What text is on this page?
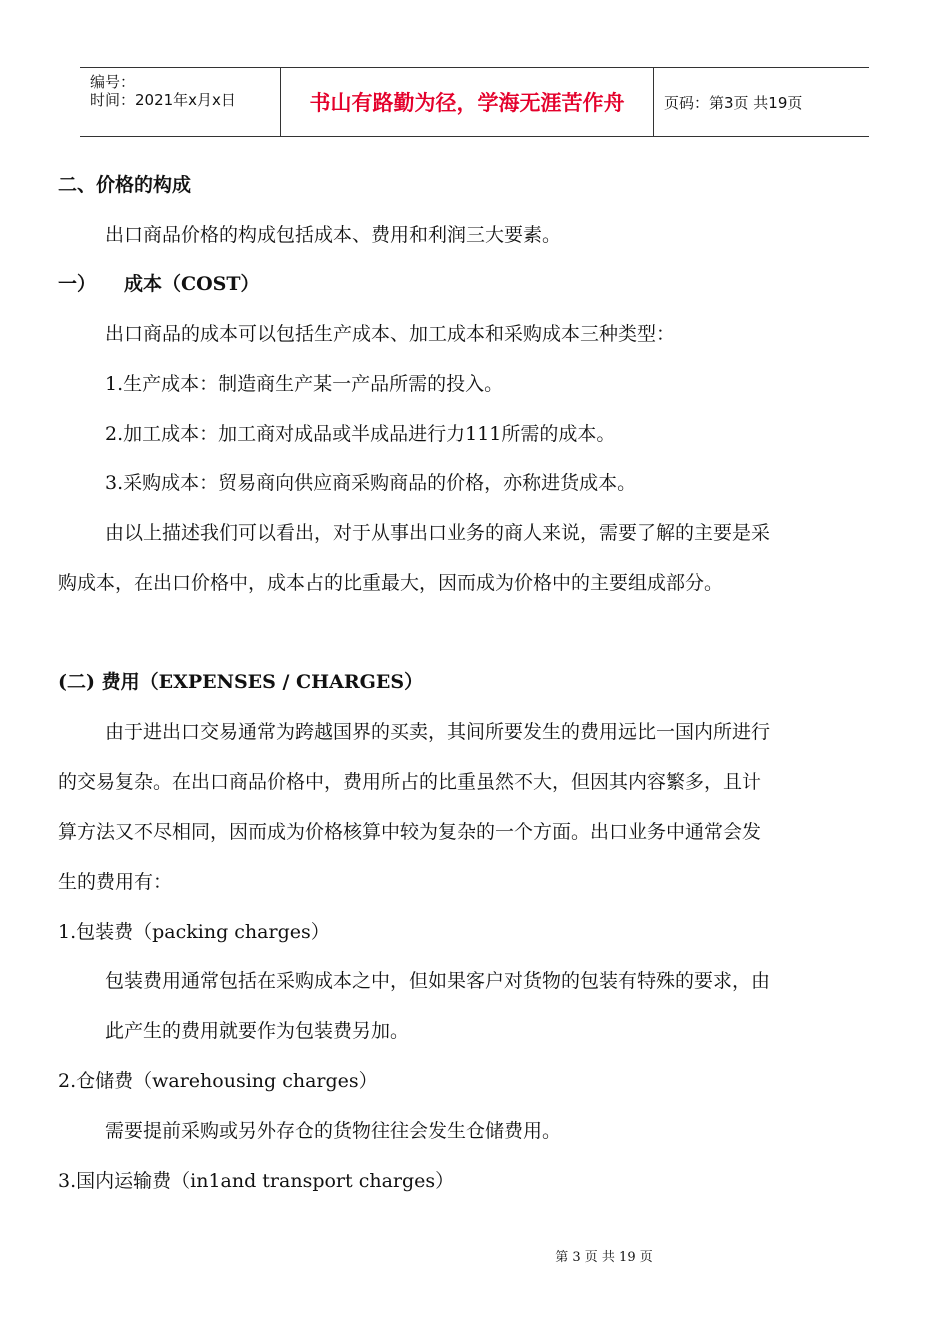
编号：
时间：2021年x月x日	书山有路勤为径，学海无涯苦作舟	页码：第3页 共19页
二、价格的构成
出口商品价格的构成包括成本、费用和利润三大要素。
一） 成本（COST）
出口商品的成本可以包括生产成本、加工成本和采购成本三种类型：
1.生产成本：制造商生产某一产品所需的投入。
2.加工成本：加工商对成品或半成品进行力111所需的成本。
3.采购成本：贸易商向供应商采购商品的价格，亦称进货成本。
由以上描述我们可以看出，对于从事出口业务的商人来说，需要了解的主要是采
购成本，在出口价格中，成本占的比重最大，因而成为价格中的主要组成部分。
(二) 费用（EXPENSES / CHARGES）
由于进出口交易通常为跨越国界的买卖，其间所要发生的费用远比一国内所进行
的交易复杂。在出口商品价格中，费用所占的比重虽然不大，但因其内容繁多，且计
算方法又不尽相同，因而成为价格核算中较为复杂的一个方面。出口业务中通常会发
生的费用有：
1.包装费（packing charges）
包装费用通常包括在采购成本之中，但如果客户对货物的包装有特殊的要求，由
此产生的费用就要作为包装费另加。
2.仓储费（warehousing charges）
需要提前采购或另外存仓的货物往往会发生仓储费用。
3.国内运输费（in1and transport charges）
第 3 页 共 19 页
